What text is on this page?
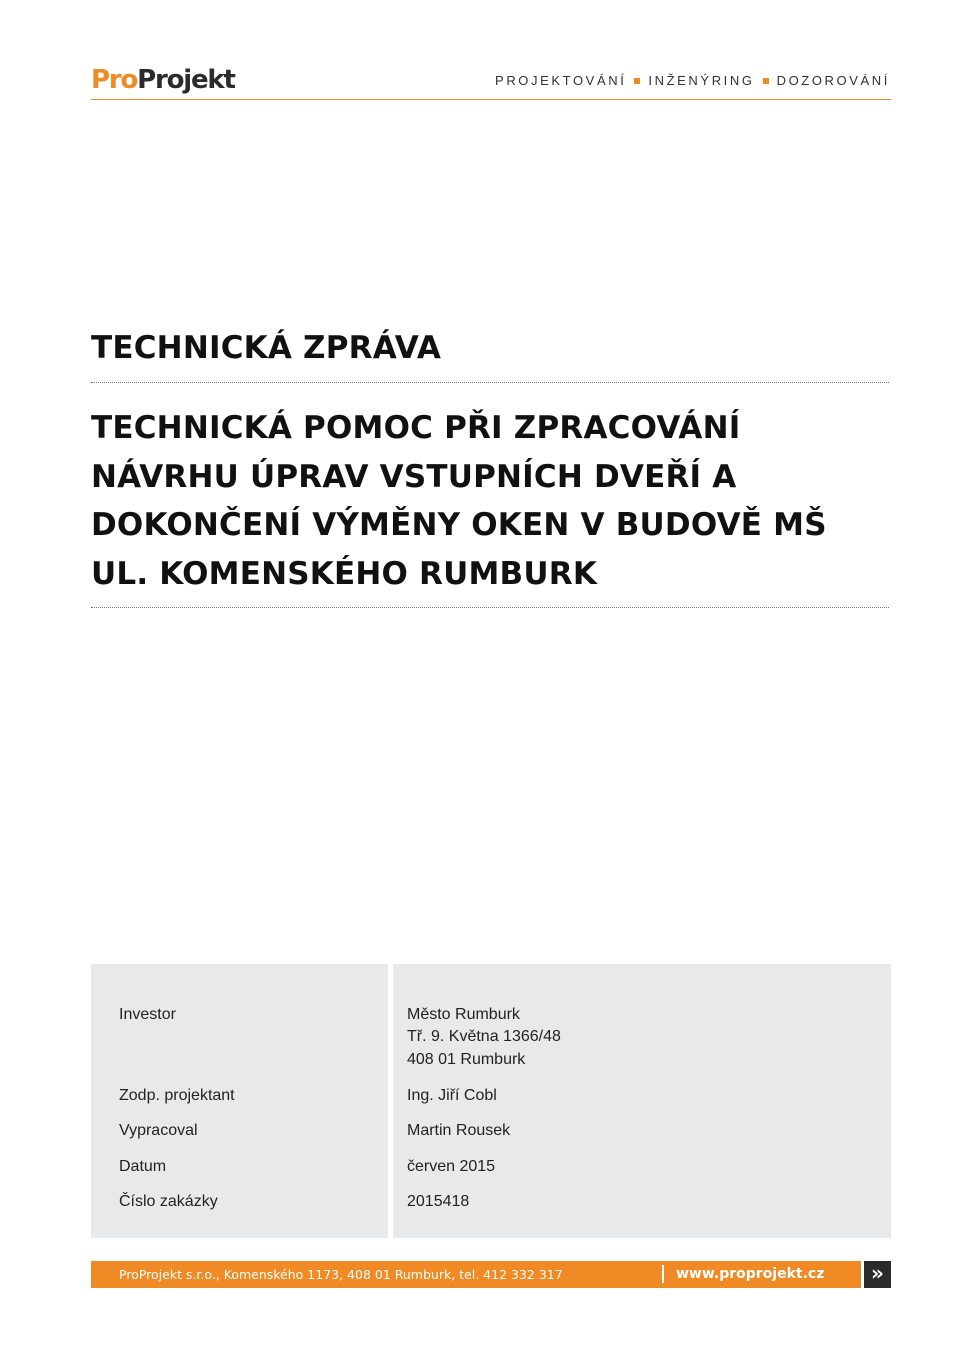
ProProjekt	PROJEKTOVÁNÍ INŽENÝRING DOZOROVÁNÍ
TECHNICKÁ ZPRÁVA
TECHNICKÁ POMOC PŘI ZPRACOVÁNÍ
NÁVRHU ÚPRAV VSTUPNÍCH DVEŘÍ A
DOKONČENÍ VÝMĚNY OKEN V BUDOVĚ MŠ
UL. KOMENSKÉHO RUMBURK
Investor	Město Rumburk
Tř. 9. Května 1366/48
408 01 Rumburk
Zodp. projektant	Ing. Jiří Cobl
Vypracoval	Martin Rousek
Datum	červen 2015
Číslo zakázky	2015418
ProProjekt s.r.o., Komenského 1173, 408 01 Rumburk, tel. 412 332 317	www.proprojekt.cz	»
